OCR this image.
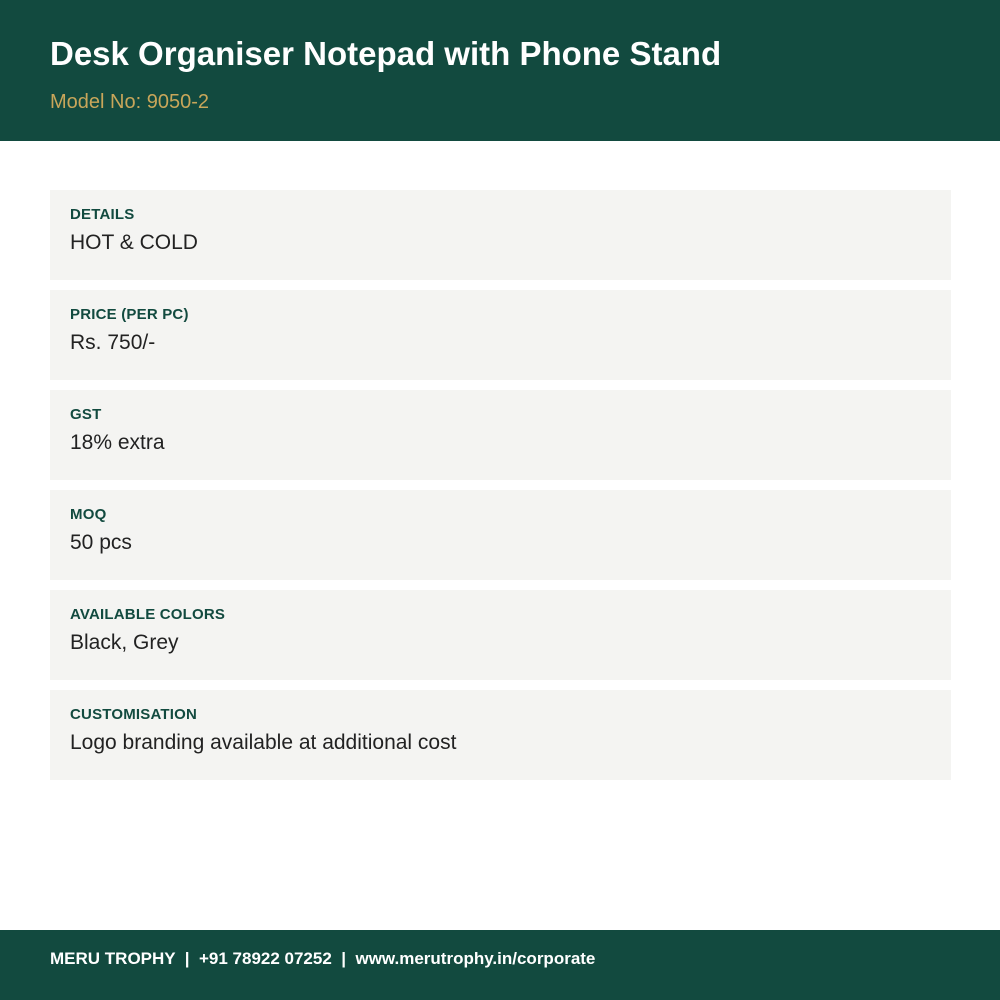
Desk Organiser Notepad with Phone Stand
Model No: 9050-2
DETAILS
HOT & COLD
PRICE (PER PC)
Rs. 750/-
GST
18% extra
MOQ
50 pcs
AVAILABLE COLORS
Black, Grey
CUSTOMISATION
Logo branding available at additional cost
MERU TROPHY  |  +91 78922 07252  |  www.merutrophy.in/corporate
